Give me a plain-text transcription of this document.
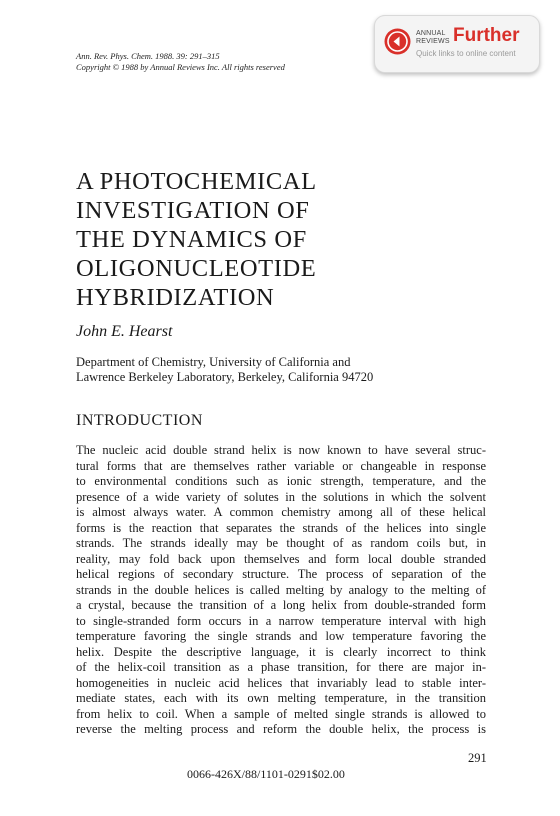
Ann. Rev. Phys. Chem. 1988. 39: 291–315
Copyright © 1988 by Annual Reviews Inc. All rights reserved
ANNUAL
REVIEWS Further
Quick links to online content
A PHOTOCHEMICAL
INVESTIGATION OF
THE DYNAMICS OF
OLIGONUCLEOTIDE
HYBRIDIZATION
John E. Hearst
Department of Chemistry, University of California and
Lawrence Berkeley Laboratory, Berkeley, California 94720
INTRODUCTION
The nucleic acid double strand helix is now known to have several struc-
tural forms that are themselves rather variable or changeable in response
to environmental conditions such as ionic strength, temperature, and the
presence of a wide variety of solutes in the solutions in which the solvent
is almost always water. A common chemistry among all of these helical
forms is the reaction that separates the strands of the helices into single
strands. The strands ideally may be thought of as random coils but, in
reality, may fold back upon themselves and form local double stranded
helical regions of secondary structure. The process of separation of the
strands in the double helices is called melting by analogy to the melting of
a crystal, because the transition of a long helix from double-stranded form
to single-stranded form occurs in a narrow temperature interval with high
temperature favoring the single strands and low temperature favoring the
helix. Despite the descriptive language, it is clearly incorrect to think
of the helix-coil transition as a phase transition, for there are major in-
homogeneities in nucleic acid helices that invariably lead to stable inter-
mediate states, each with its own melting temperature, in the transition
from helix to coil. When a sample of melted single strands is allowed to
reverse the melting process and reform the double helix, the process is
291
0066-426X/88/1101-0291$02.00
